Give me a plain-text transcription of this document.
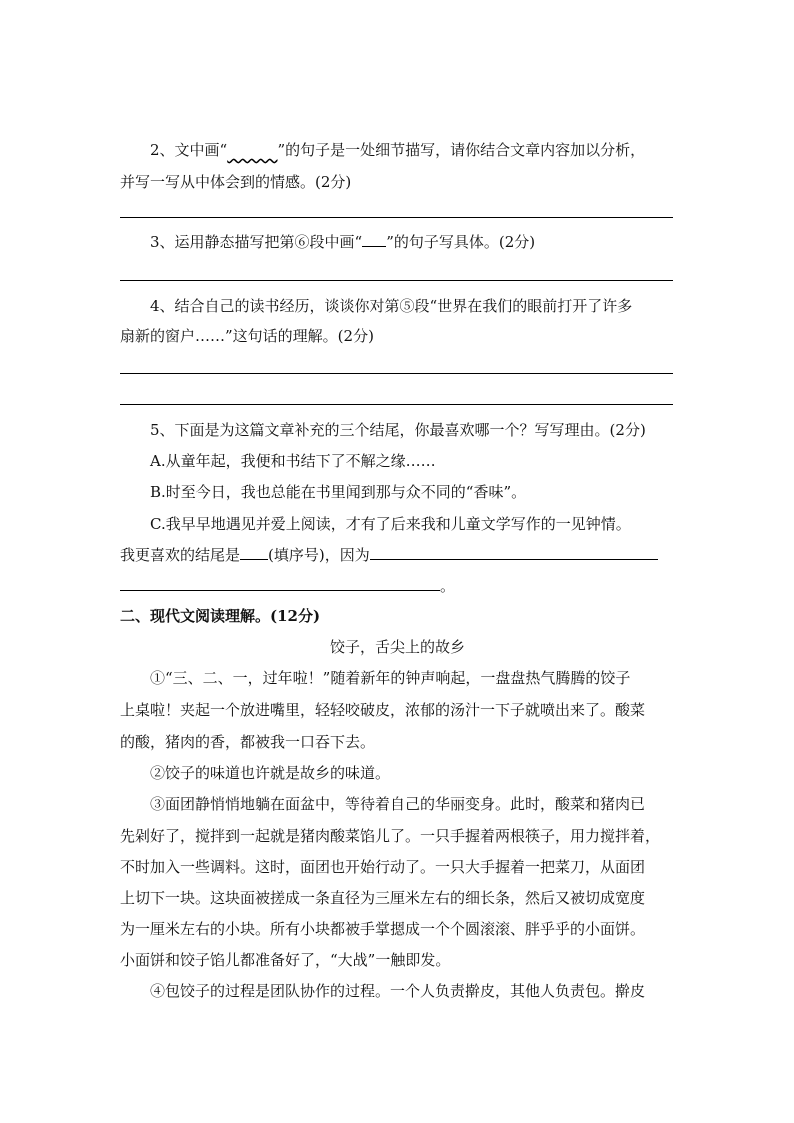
2、文中画“~~~~”的句子是一处细节描写，请你结合文章内容加以分析，
并写一写从中体会到的情感。(2分)
3、运用静态描写把第⑥段中画“ ”的句子写具体。(2分)
4、结合自己的读书经历，谈谈你对第⑤段“世界在我们的眼前打开了许多
扇新的窗户……”这句话的理解。(2分)
5、下面是为这篇文章补充的三个结尾，你最喜欢哪一个？写写理由。(2分)
A.从童年起，我便和书结下了不解之缘……
B.时至今日，我也总能在书里闻到那与众不同的“香味”。
C.我早早地遇见并爱上阅读，才有了后来我和儿童文学写作的一见钟情。
我更喜欢的结尾是 (填序号)，因为
。
二、现代文阅读理解。(12分)
饺子，舌尖上的故乡
①“三、二、一，过年啦！”随着新年的钟声响起，一盘盘热气腾腾的饺子
上桌啦！夹起一个放进嘴里，轻轻咬破皮，浓郁的汤汁一下子就喷出来了。酸菜
的酸，猪肉的香，都被我一口吞下去。
②饺子的味道也许就是故乡的味道。
③面团静悄悄地躺在面盆中，等待着自己的华丽变身。此时，酸菜和猪肉已
先剁好了，搅拌到一起就是猪肉酸菜馅儿了。一只手握着两根筷子，用力搅拌着，
不时加入一些调料。这时，面团也开始行动了。一只大手握着一把菜刀，从面团
上切下一块。这块面被搓成一条直径为三厘米左右的细长条，然后又被切成宽度
为一厘米左右的小块。所有小块都被手掌摁成一个个圆滚滚、胖乎乎的小面饼。
小面饼和饺子馅儿都准备好了，“大战”一触即发。
④包饺子的过程是团队协作的过程。一个人负责擀皮，其他人负责包。擀皮
